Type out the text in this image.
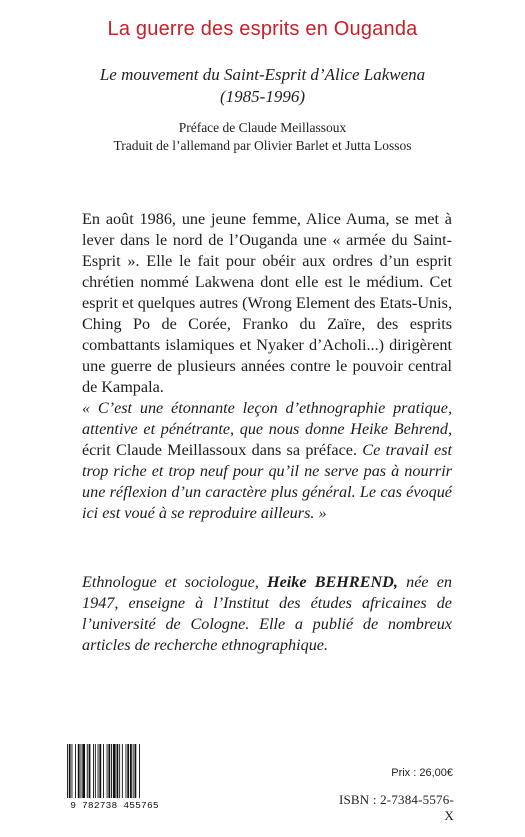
La guerre des esprits en Ouganda
Le mouvement du Saint-Esprit d’Alice Lakwena
(1985-1996)
Préface de Claude Meillassoux
Traduit de l’allemand par Olivier Barlet et Jutta Lossos
En août 1986, une jeune femme, Alice Auma, se met à lever dans le nord de l’Ouganda une « armée du Saint-Esprit ». Elle le fait pour obéir aux ordres d’un esprit chrétien nommé Lakwena dont elle est le médium. Cet esprit et quelques autres (Wrong Element des Etats-Unis, Ching Po de Corée, Franko du Zaïre, des esprits combattants islamiques et Nyaker d’Acholi...) dirigèrent une guerre de plusieurs années contre le pouvoir central de Kampala.
« C’est une étonnante leçon d’ethnographie pratique, attentive et pénétrante, que nous donne Heike Behrend, écrit Claude Meillassoux dans sa préface. Ce travail est trop riche et trop neuf pour qu’il ne serve pas à nourrir une réflexion d’un caractère plus général. Le cas évoqué ici est voué à se reproduire ailleurs. »
Ethnologue et sociologue, Heike BEHREND, née en 1947, enseigne à l’Institut des études africaines de l’université de Cologne. Elle a publié de nombreux articles de recherche ethnographique.
9 782738 455765
Prix : 26,00€
ISBN : 2-7384-5576-X
